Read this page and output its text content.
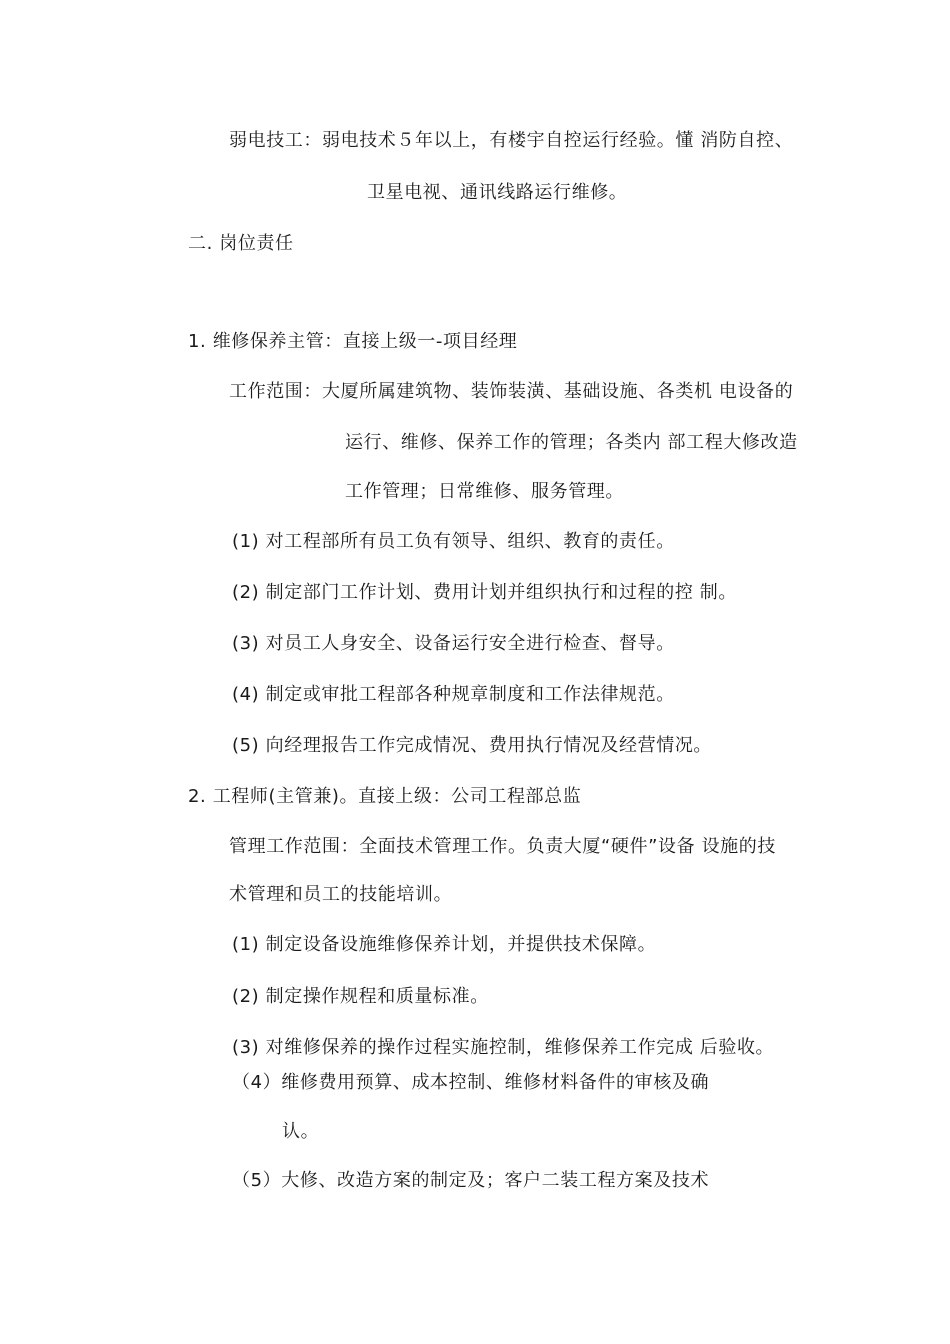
弱电技工：弱电技术５年以上，有楼宇自控运行经验。懂 消防自控、
卫星电视、通讯线路运行维修。
二. 岗位责任
1. 维修保养主管：直接上级一-项目经理
工作范围：大厦所属建筑物、装饰装潢、基础设施、各类机 电设备的
运行、维修、保养工作的管理；各类内 部工程大修改造
工作管理；日常维修、服务管理。
(1) 对工程部所有员工负有领导、组织、教育的责任。
(2) 制定部门工作计划、费用计划并组织执行和过程的控 制。
(3) 对员工人身安全、设备运行安全进行检查、督导。
(4) 制定或审批工程部各种规章制度和工作法律规范。
(5) 向经理报告工作完成情况、费用执行情况及经营情况。
2. 工程师(主管兼)。直接上级：公司工程部总监
管理工作范围：全面技术管理工作。负责大厦“硬件”设备 设施的技
术管理和员工的技能培训。
(1) 制定设备设施维修保养计划，并提供技术保障。
(2) 制定操作规程和质量标准。
(3) 对维修保养的操作过程实施控制，维修保养工作完成 后验收。
（4）维修费用预算、成本控制、维修材料备件的审核及确
认。
（5）大修、改造方案的制定及；客户二装工程方案及技术
